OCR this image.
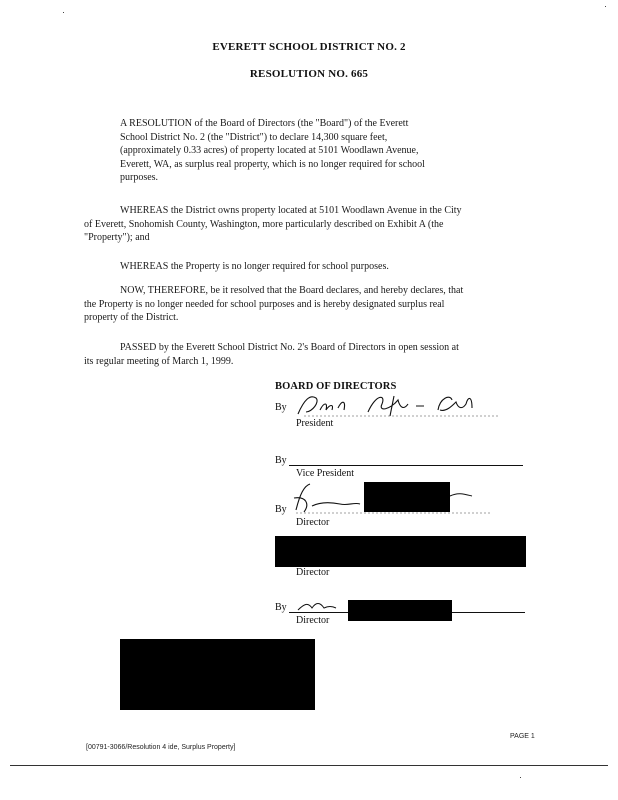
EVERETT SCHOOL DISTRICT NO. 2
RESOLUTION NO. 665

A RESOLUTION of the Board of Directors (the "Board") of the Everett

School District No. 2 (the "District") to declare 14,300 square feet,

(approximately 0.33 acres) of property located at 5101 Woodlawn Avenue,

Everett, WA, as surplus real property, which is no longer required for school

purposes.

WHEREAS the District owns property located at 5101 Woodlawn Avenue in the City

of Everett, Snohomish County, Washington, more particularly described on Exhibit A (the

"Property"); and

WHEREAS the Property is no longer required for school purposes.

NOW, THEREFORE, be it resolved that the Board declares, and hereby declares, that

the Property is no longer needed for school purposes and is hereby designated surplus real

property of the District.

PASSED by the Everett School District No. 2's Board of Directors in open session at

its regular meeting of March 1, 1999.

BOARD OF DIRECTORS
By
President
By
Vice President
By
Director
Director
By
Director
PAGE 1
[00791-3066/Resolution 4 ide, Surplus Property]
